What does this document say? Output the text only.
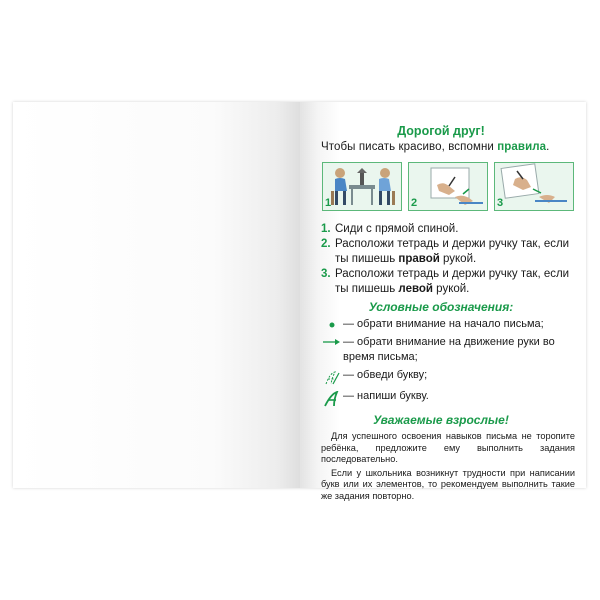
Дорогой друг!
Чтобы писать красиво, вспомни правила.
1	2	3
1. Сиди с прямой спиной.
2. Расположи тетрадь и держи ручку так, если ты пишешь правой рукой.
3. Расположи тетрадь и держи ручку так, если ты пишешь левой рукой.
Условные обозначения:
— обрати внимание на начало письма;
— обрати внимание на движение руки во время письма;
— обведи букву;
— напиши букву.
Уважаемые взрослые!

Для успешного освоения навыков письма не торопите ребёнка, предложите ему выполнить задания последовательно.

Если у школьника возникнут трудности при написании букв или их элементов, то рекомендуем выполнить такие же задания повторно.
